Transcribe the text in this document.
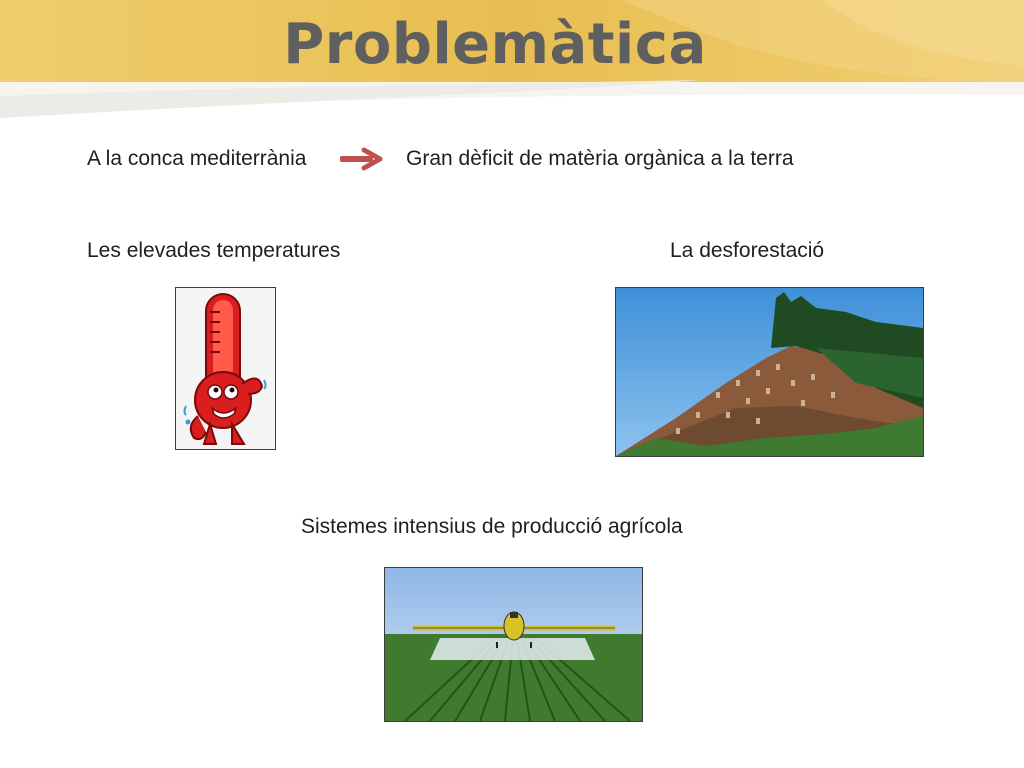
Problemàtica
A la conca mediterrània	Gran dèficit de matèria orgànica a la terra
Les elevades temperatures	La desforestació
Sistemes intensius de producció agrícola
